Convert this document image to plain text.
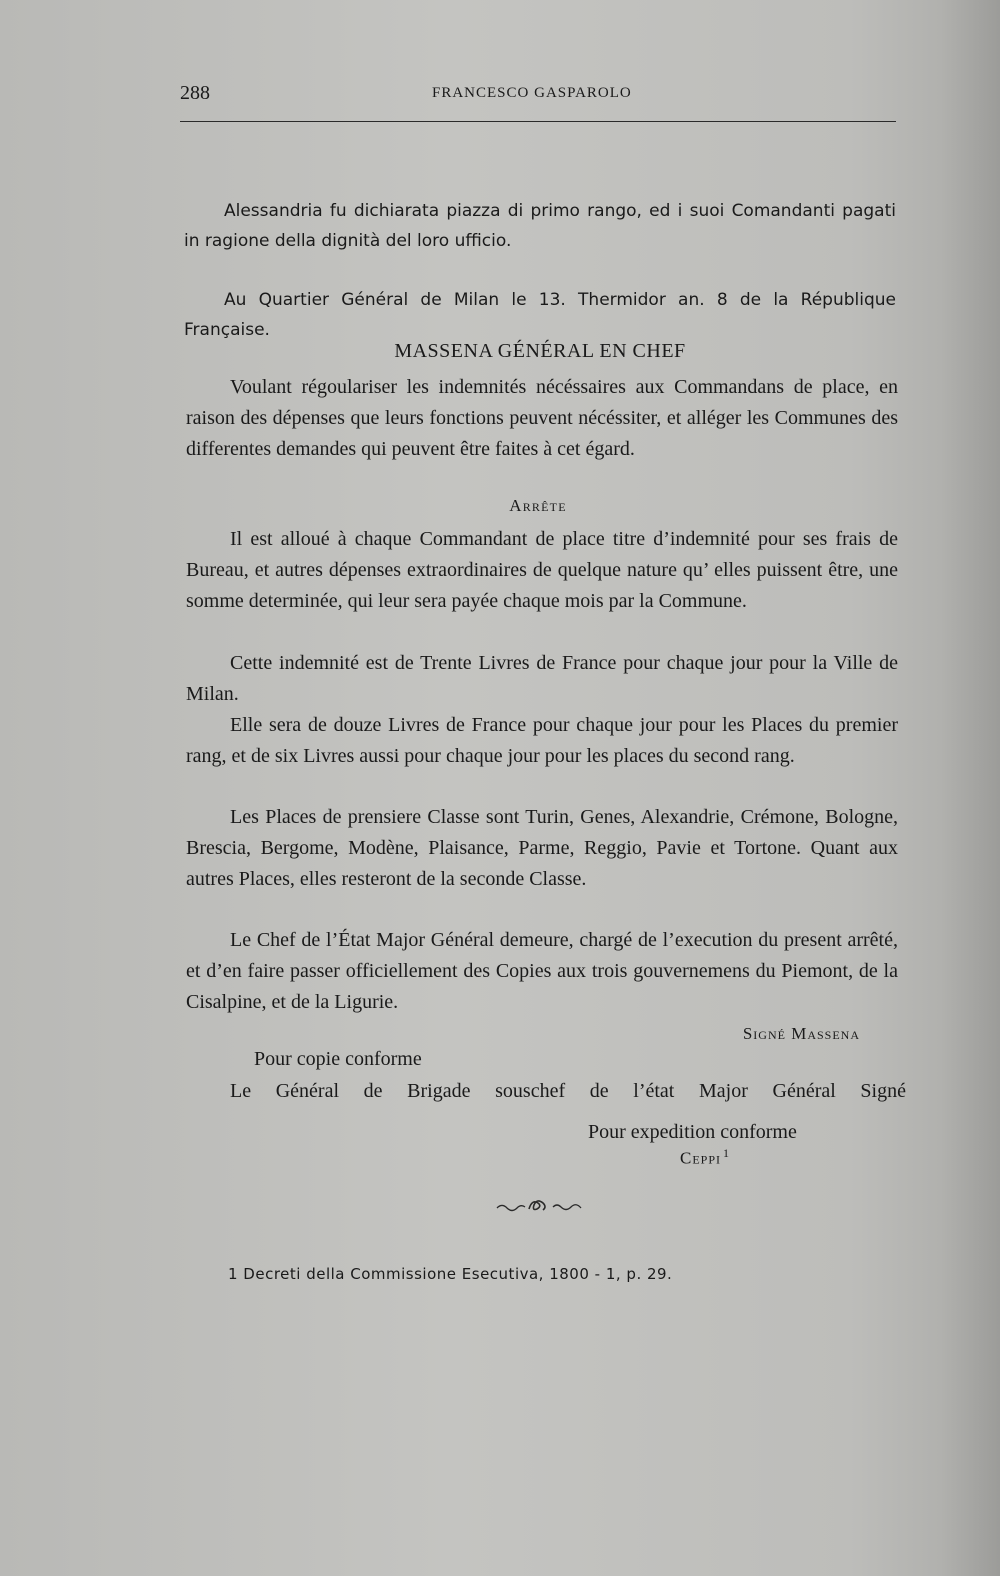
288	FRANCESCO GASPAROLO
Alessandria fu dichiarata piazza di primo rango, ed i suoi Comandanti pagati in ragione della dignità del loro ufficio.
Au Quartier Général de Milan le 13. Thermidor an. 8 de la République Française.
MASSENA GÉNÉRAL EN CHEF
Voulant régoulariser les indemnités nécéssaires aux Commandans de place, en raison des dépenses que leurs fonctions peuvent nécéssiter, et alléger les Communes des differentes demandes qui peuvent être faites à cet égard.
Arrête
Il est alloué à chaque Commandant de place titre d’indemnité pour ses frais de Bureau, et autres dépenses extraordinaires de quelque nature qu’ elles puissent être, une somme determinée, qui leur sera payée chaque mois par la Commune.
Cette indemnité est de Trente Livres de France pour chaque jour pour la Ville de Milan.
Elle sera de douze Livres de France pour chaque jour pour les Places du premier rang, et de six Livres aussi pour chaque jour pour les places du second rang.
Les Places de prensiere Classe sont Turin, Genes, Alexandrie, Crémone, Bologne, Brescia, Bergome, Modène, Plaisance, Parme, Reggio, Pavie et Tortone. Quant aux autres Places, elles resteront de la seconde Classe.
Le Chef de l’État Major Général demeure, chargé de l’execution du present arrêté, et d’en faire passer officiellement des Copies aux trois gouvernemens du Piemont, de la Cisalpine, et de la Ligurie.
Signé Massena
Pour copie conforme
Le Général de Brigade souschef de l’état Major Général Signé
Pour expedition conforme
Ceppi $^1$
1 Decreti della Commissione Esecutiva, 1800 - 1, p. 29.
